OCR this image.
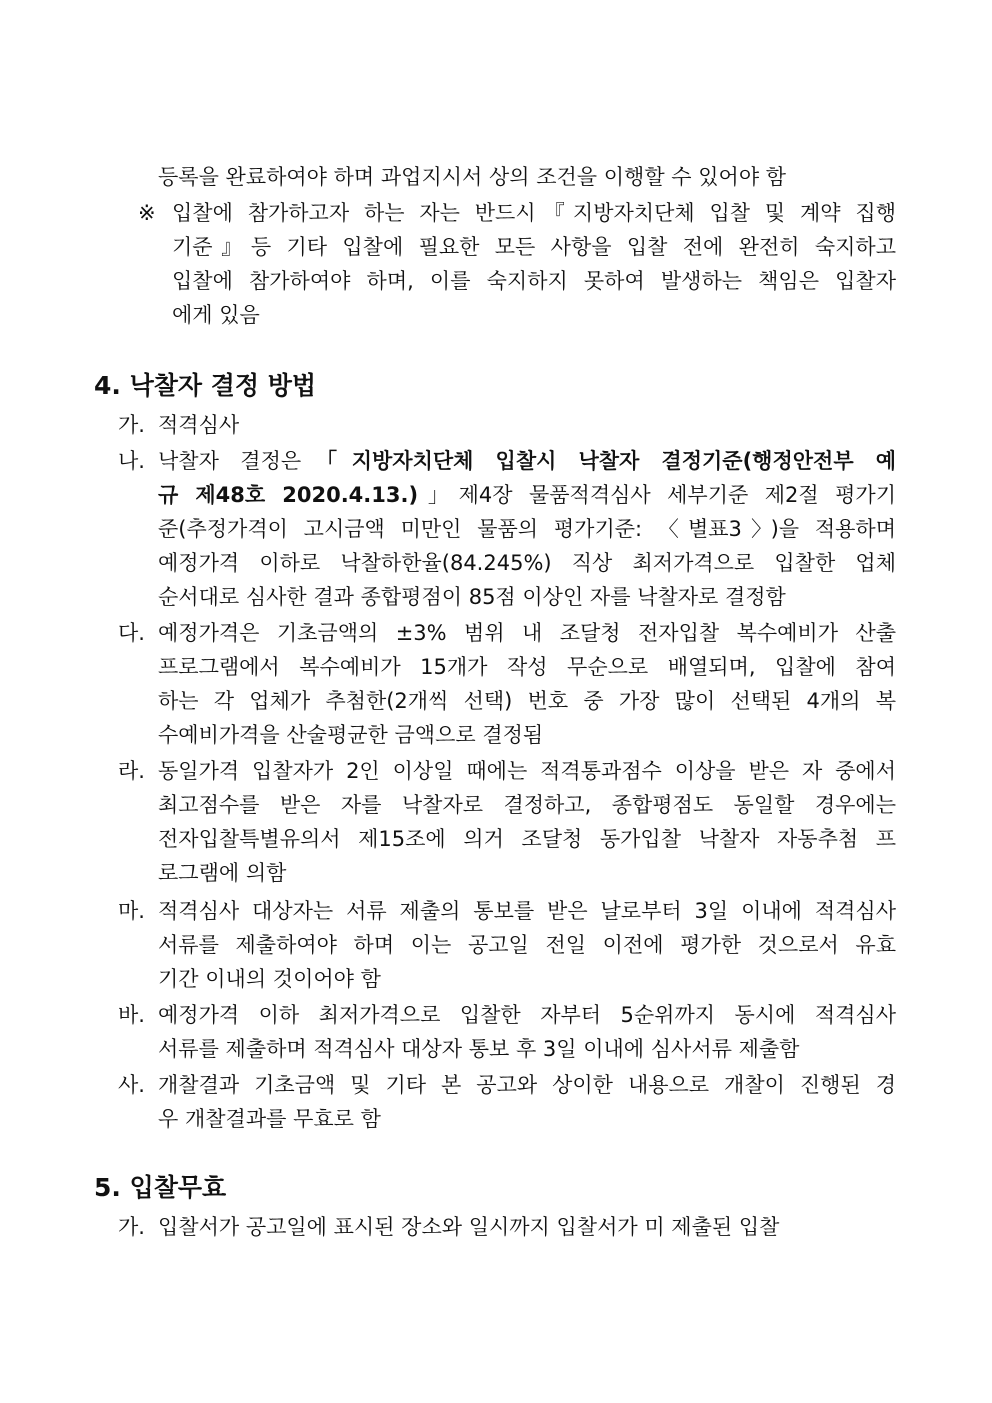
등록을 완료하여야 하며 과업지시서 상의 조건을 이행할 수 있어야 함
※ 입찰에 참가하고자 하는 자는 반드시『지방자치단체 입찰 및 계약 집행
기준』등 기타 입찰에 필요한 모든 사항을 입찰 전에 완전히 숙지하고
입찰에 참가하여야 하며, 이를 숙지하지 못하여 발생하는 책임은 입찰자
에게 있음
4. 낙찰자 결정 방법
가. 적격심사
나. 낙찰자 결정은「지방자치단체 입찰시 낙찰자 결정기준(행정안전부 예
규 제48호 2020.4.13.)」제4장 물품적격심사 세부기준 제2절 평가기
준(추정가격이 고시금액 미만인 물품의 평가기준: 〈별표3〉)을 적용하며
예정가격 이하로 낙찰하한율(84.245%) 직상 최저가격으로 입찰한 업체
순서대로 심사한 결과 종합평점이 85점 이상인 자를 낙찰자로 결정함
다. 예정가격은 기초금액의 ±3% 범위 내 조달청 전자입찰 복수예비가 산출
프로그램에서 복수예비가 15개가 작성 무순으로 배열되며, 입찰에 참여
하는 각 업체가 추첨한(2개씩 선택) 번호 중 가장 많이 선택된 4개의 복
수예비가격을 산술평균한 금액으로 결정됨
라. 동일가격 입찰자가 2인 이상일 때에는 적격통과점수 이상을 받은 자 중에서
최고점수를 받은 자를 낙찰자로 결정하고, 종합평점도 동일할 경우에는
전자입찰특별유의서 제15조에 의거 조달청 동가입찰 낙찰자 자동추첨 프
로그램에 의함
마. 적격심사 대상자는 서류 제출의 통보를 받은 날로부터 3일 이내에 적격심사
서류를 제출하여야 하며 이는 공고일 전일 이전에 평가한 것으로서 유효
기간 이내의 것이어야 함
바. 예정가격 이하 최저가격으로 입찰한 자부터 5순위까지 동시에 적격심사
서류를 제출하며 적격심사 대상자 통보 후 3일 이내에 심사서류 제출함
사. 개찰결과 기초금액 및 기타 본 공고와 상이한 내용으로 개찰이 진행된 경
우 개찰결과를 무효로 함
5. 입찰무효
가. 입찰서가 공고일에 표시된 장소와 일시까지 입찰서가 미 제출된 입찰
